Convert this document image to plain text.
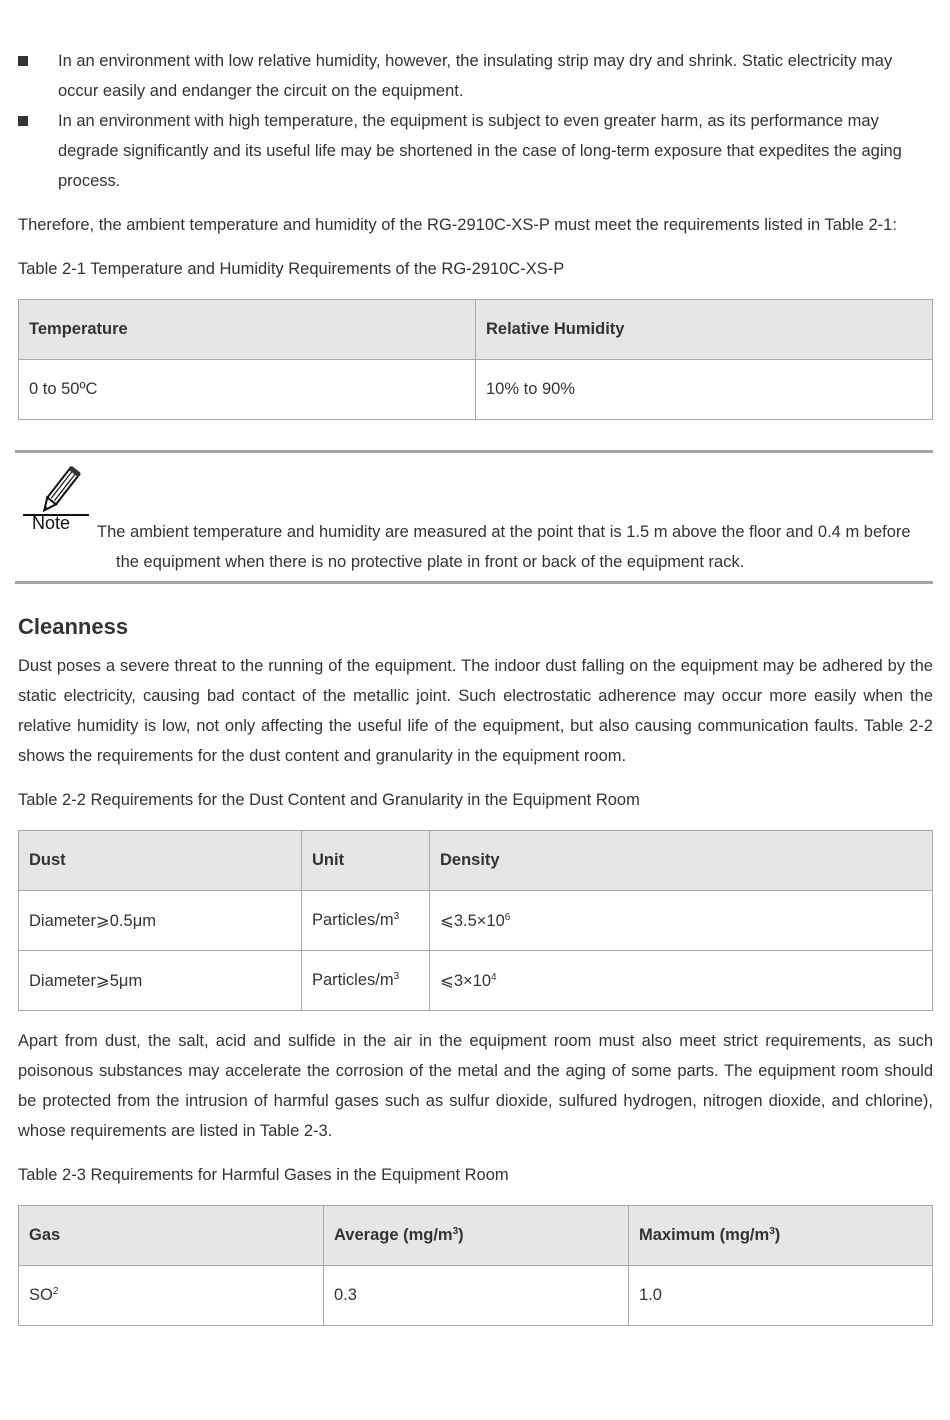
In an environment with low relative humidity, however, the insulating strip may dry and shrink. Static electricity may occur easily and endanger the circuit on the equipment.
In an environment with high temperature, the equipment is subject to even greater harm, as its performance may degrade significantly and its useful life may be shortened in the case of long-term exposure that expedites the aging process.

Therefore, the ambient temperature and humidity of the RG-2910C-XS-P must meet the requirements listed in Table 2-1:

Table 2-1 Temperature and Humidity Requirements of the RG-2910C-XS-P

Temperature	Relative Humidity
0 to 50ºC	10% to 90%
Note	The ambient temperature and humidity are measured at the point that is 1.5 m above the floor and 0.4 m before
the equipment when there is no protective plate in front or back of the equipment rack.

Cleanness

Dust poses a severe threat to the running of the equipment. The indoor dust falling on the equipment may be adhered by the static electricity, causing bad contact of the metallic joint. Such electrostatic adherence may occur more easily when the relative humidity is low, not only affecting the useful life of the equipment, but also causing communication faults. Table 2-2 shows the requirements for the dust content and granularity in the equipment room.

Table 2-2 Requirements for the Dust Content and Granularity in the Equipment Room

Dust	Unit	Density
Diameter⩾0.5μm	Particles/$m^3$	$⩽3.5\times 10^6$
Diameter⩾5μm	Particles/$m^3$	$⩽3\times 10^4$

Apart from dust, the salt, acid and sulfide in the air in the equipment room must also meet strict requirements, as such poisonous substances may accelerate the corrosion of the metal and the aging of some parts. The equipment room should be protected from the intrusion of harmful gases such as sulfur dioxide, sulfured hydrogen, nitrogen dioxide, and chlorine), whose requirements are listed in Table 2-3.

Table 2-3 Requirements for Harmful Gases in the Equipment Room

Gas	Average $(mg/m^3)$	Maximum $(mg/m^3)$
$SO^2$	0.3	1.0
